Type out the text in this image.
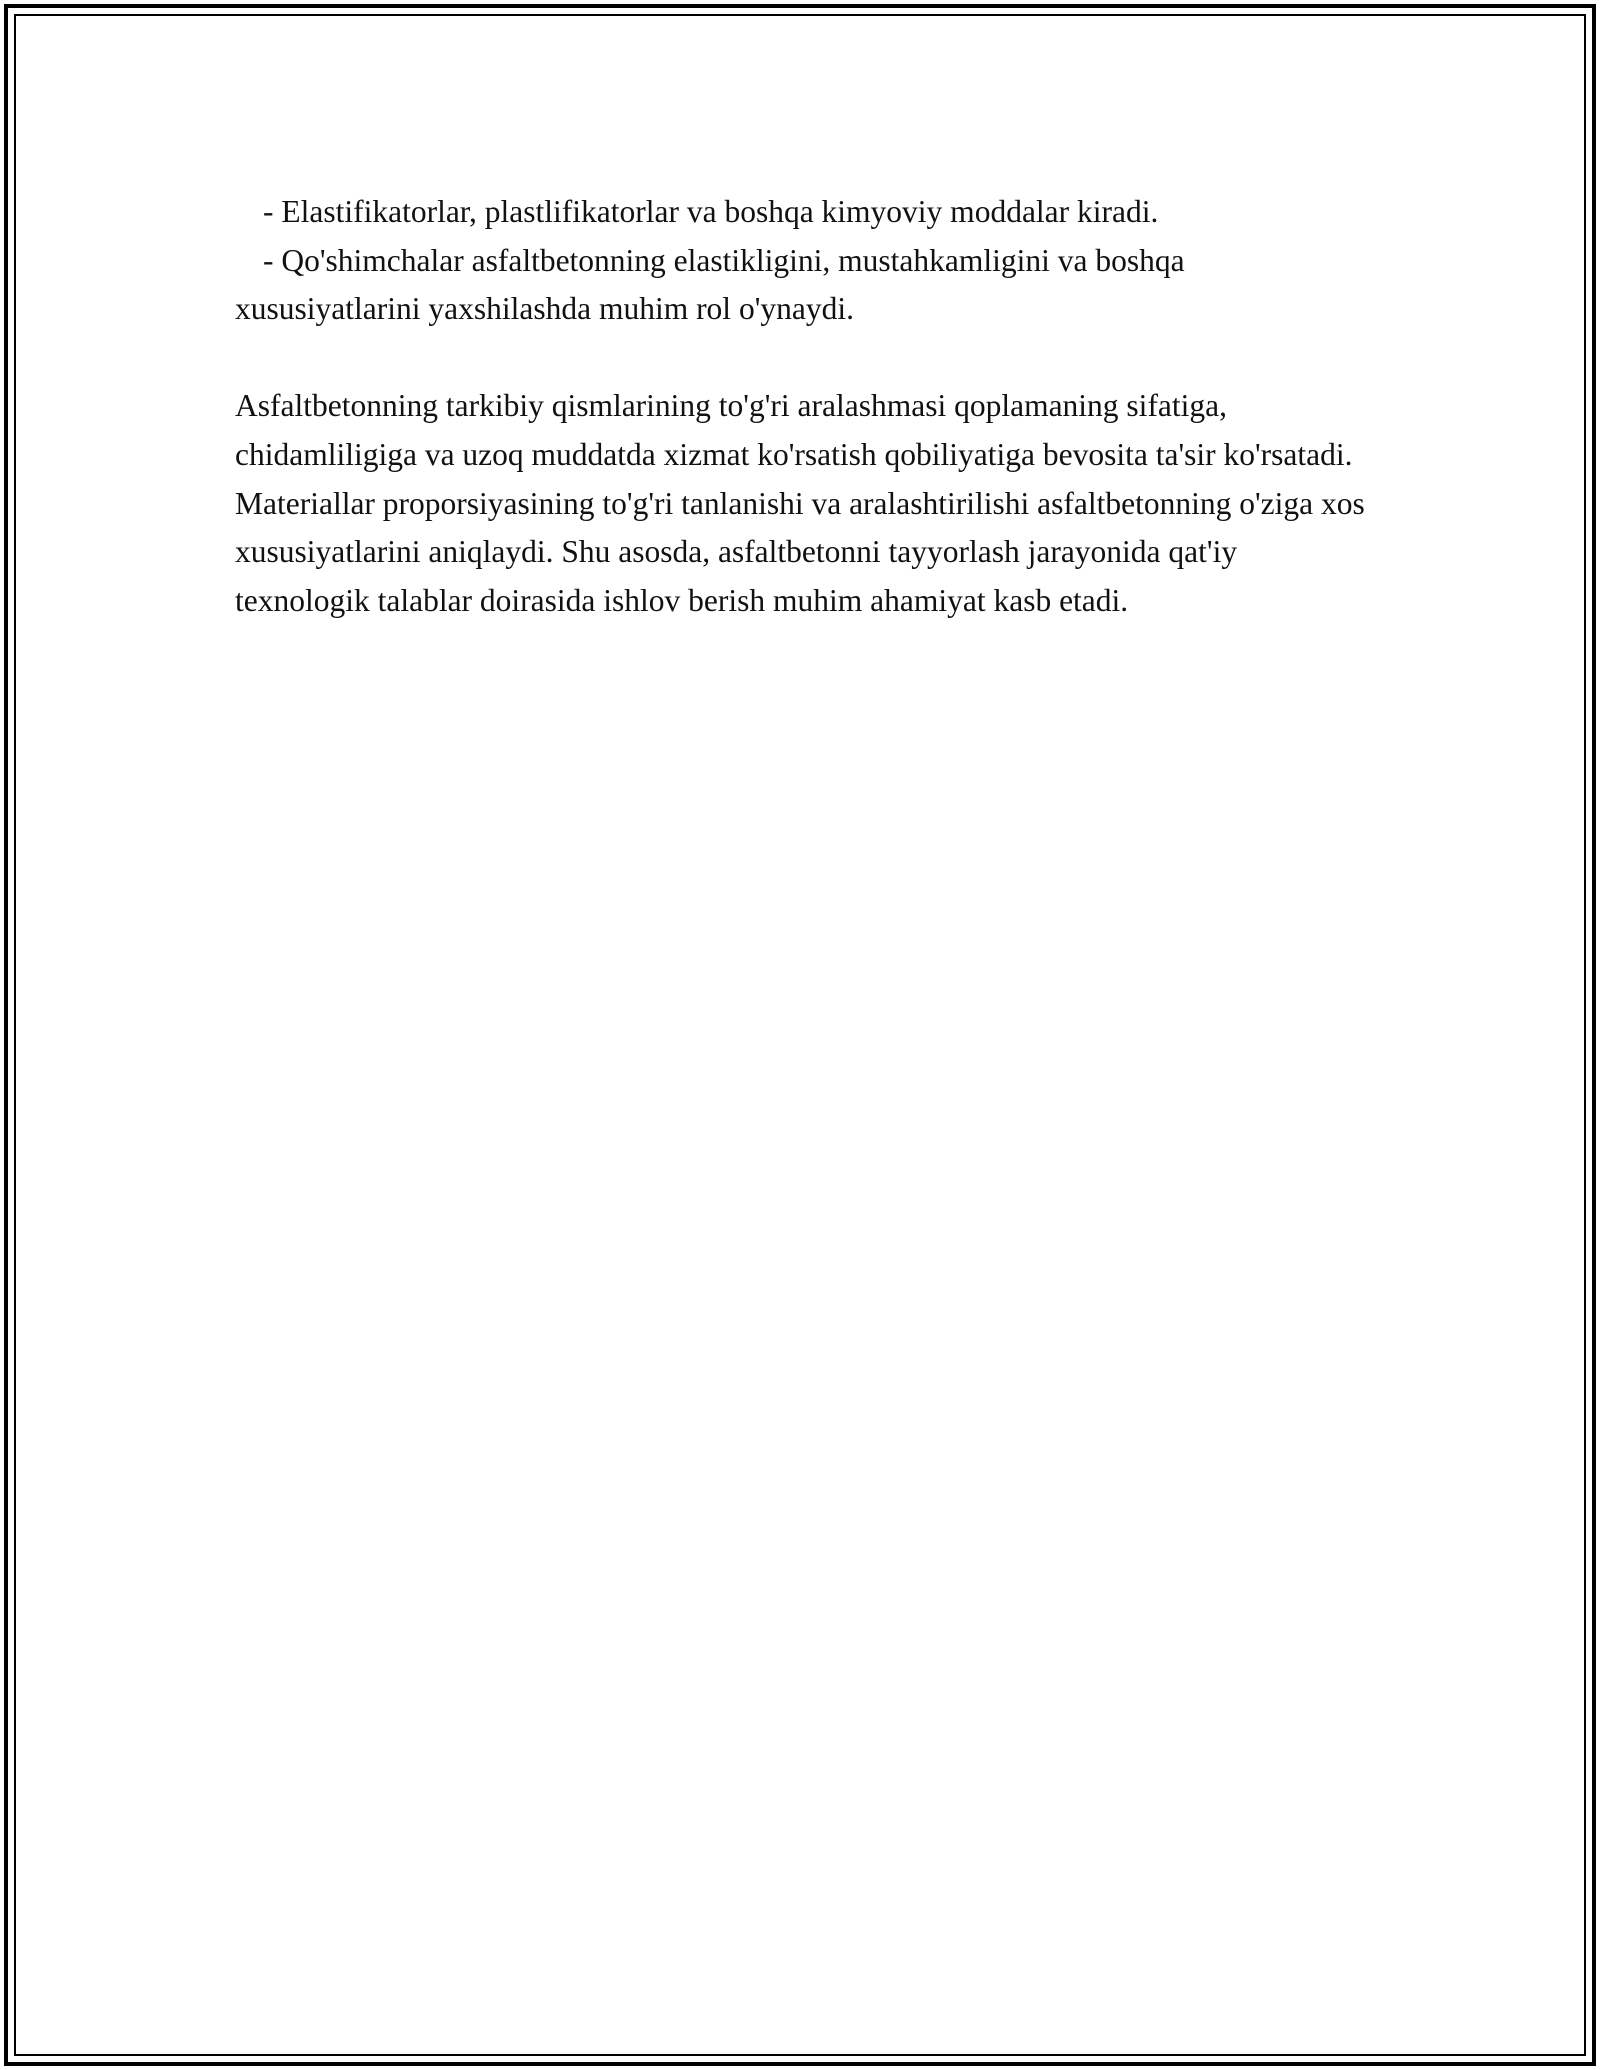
- Elastifikatorlar, plastlifikatorlar va boshqa kimyoviy moddalar kiradi.
- Qo'shimchalar asfaltbetonning elastikligini, mustahkamligini va boshqa xususiyatlarini yaxshilashda muhim rol o'ynaydi.

Asfaltbetonning tarkibiy qismlarining to'g'ri aralashmasi qoplamaning sifatiga, chidamliligiga va uzoq muddatda xizmat ko'rsatish qobiliyatiga bevosita ta'sir ko'rsatadi. Materiallar proporsiyasining to'g'ri tanlanishi va aralashtirilishi asfaltbetonning o'ziga xos xususiyatlarini aniqlaydi. Shu asosda, asfaltbetonni tayyorlash jarayonida qat'iy texnologik talablar doirasida ishlov berish muhim ahamiyat kasb etadi.
